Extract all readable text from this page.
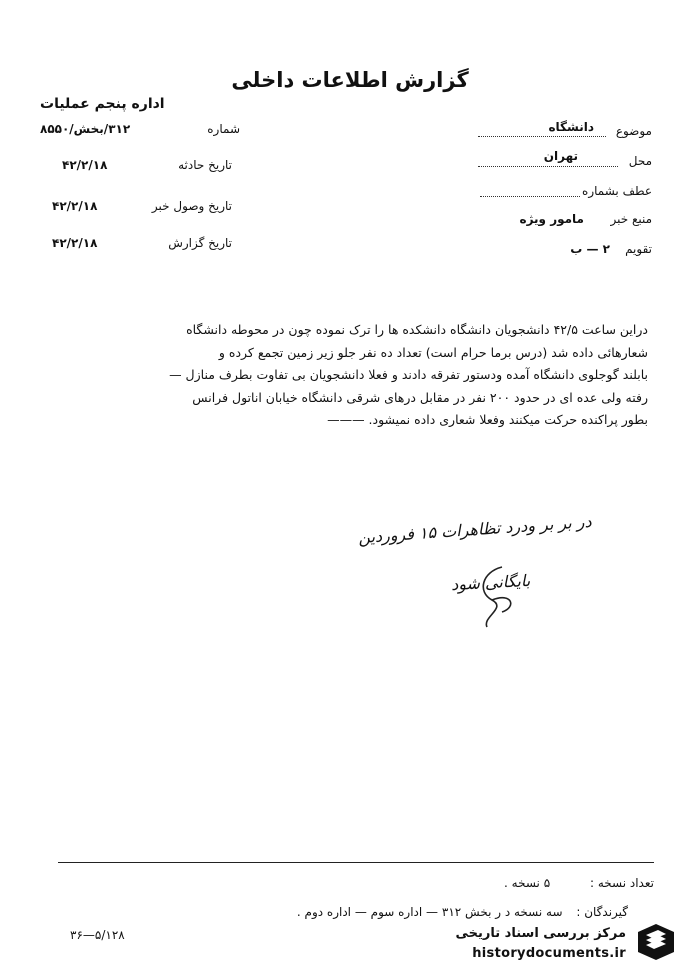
گزارش اطلاعات داخلی
اداره پنجم عملیات
شماره
۳۱۲/بخش/۸۵۵۰
تاریخ حادثه
۴۲/۲/۱۸
تاریخ وصول خبر
۴۲/۲/۱۸
تاریخ گزارش
۴۲/۲/۱۸
موضوع
دانشگاه
محل
تهران
عطف بشماره
منبع خبر
مامور ویژه
تقویم
۲ — ب
دراین ساعت ۴۲/۵ دانشجویان دانشگاه دانشکده ها را ترک نموده چون در محوطه دانشگاه
شعارهائی داده شد (درس برما حرام است) تعداد ده نفر جلو زیر زمین تجمع کرده و
بابلند گوجلوی دانشگاه آمده ودستور تفرقه دادند و فعلا دانشجویان بی تفاوت بطرف منازل —
رفته ولی عده ای در حدود ۲۰۰ نفر در مقابل درهای شرقی دانشگاه خیابان اناتول فرانس
بطور پراکنده حرکت میکنند وفعلا شعاری داده نمیشود. ———
در بر بر ودرد تظاهرات ۱۵ فروردین
بایگانی شود
تعداد نسخه : ۵ نسخه .
گیرندگان : سه نسخه د ر بخش ۳۱۲ — اداره سوم — اداره دوم .
۳۶—۵/۱۲۸	مرکز بررسی اسناد تاریخی
historydocuments.ir
